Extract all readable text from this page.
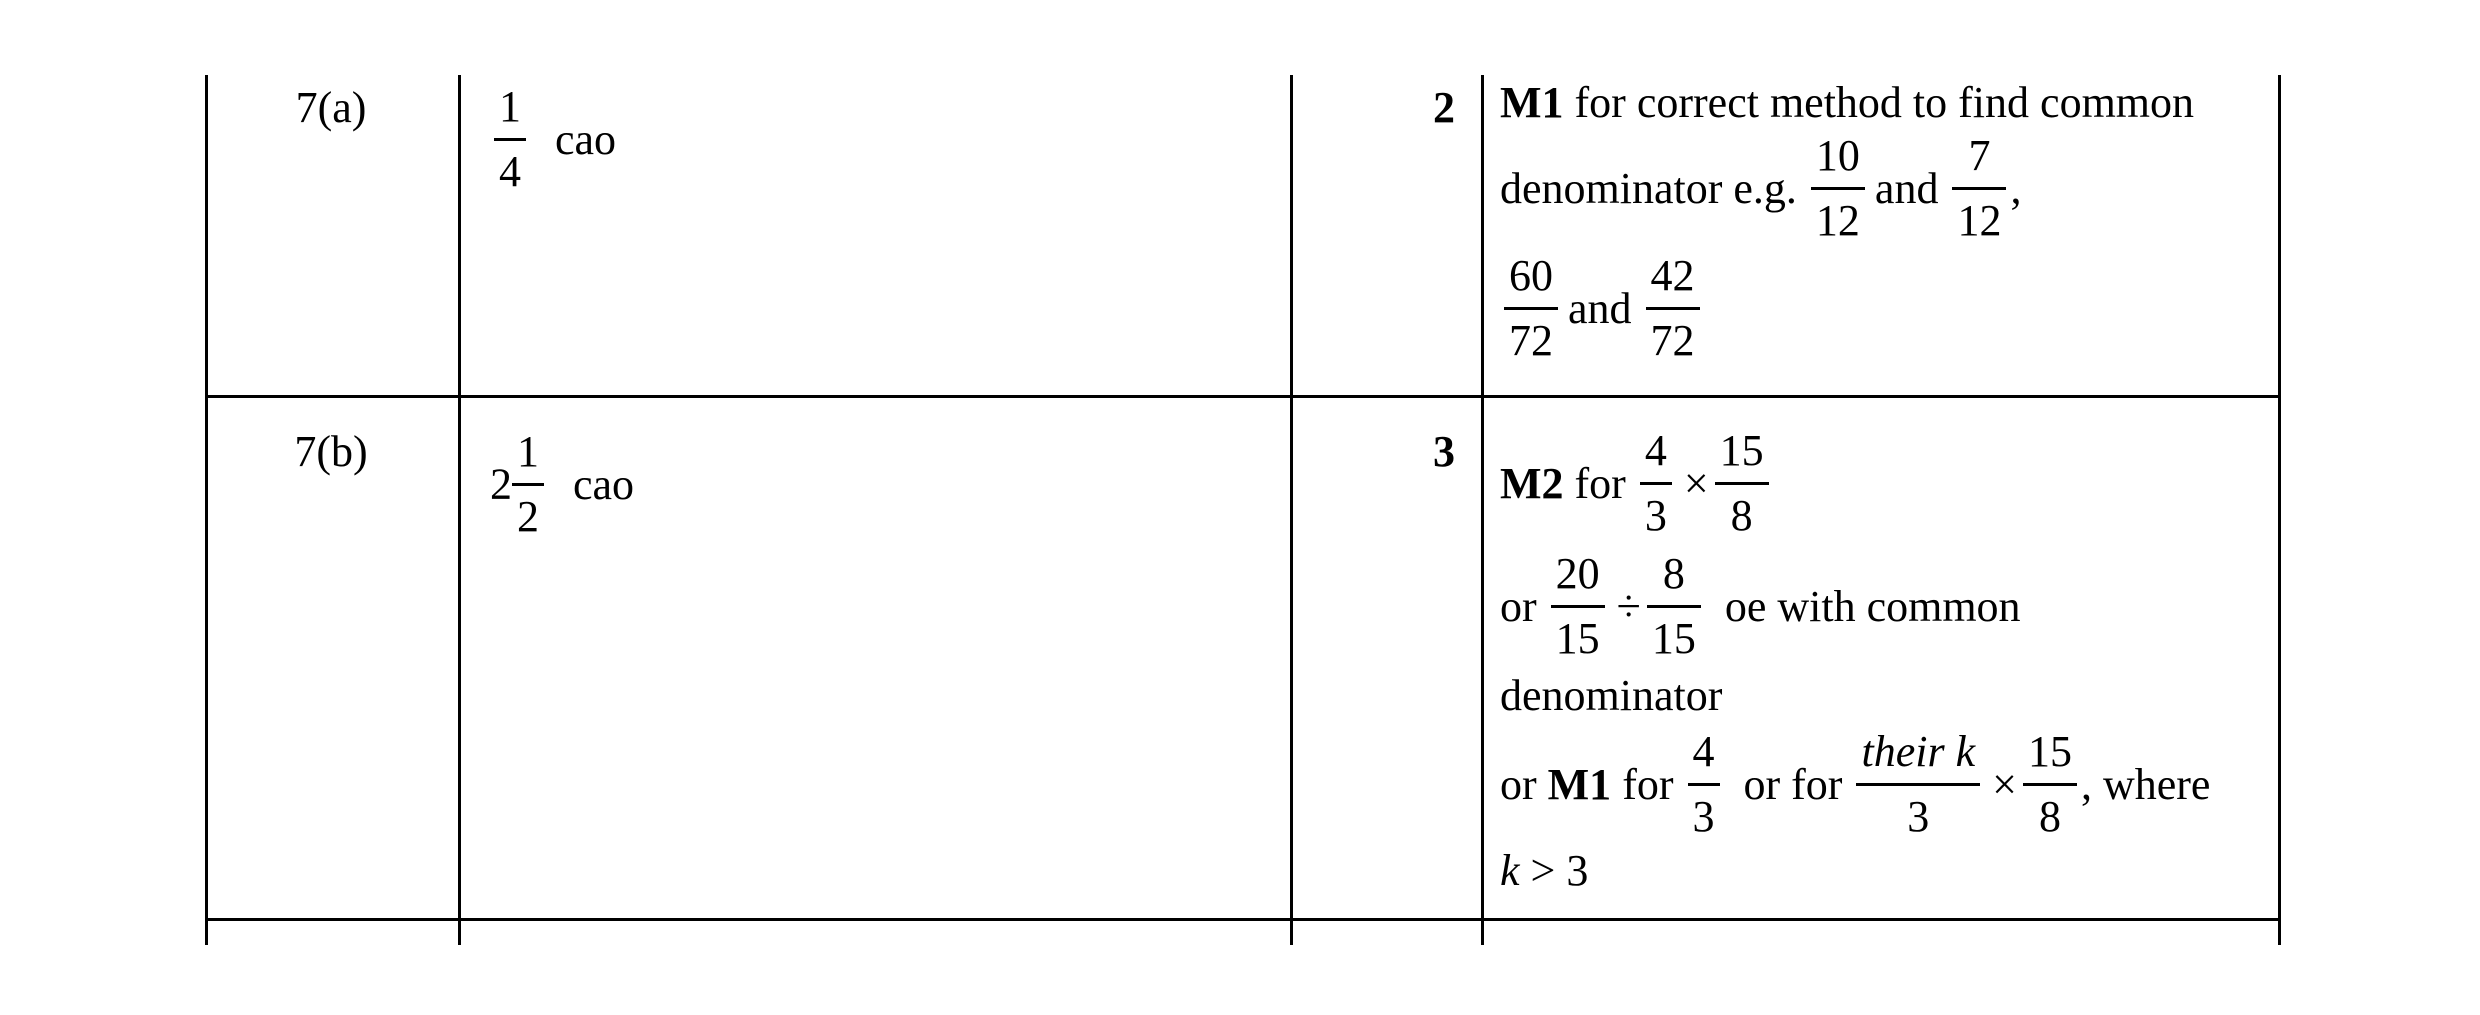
7(a)	$\frac{1}{4}$ cao
2 M1 for correct method to find common
denominator e.g. $\frac{10}{12}$ and $\frac{7}{12}$ ,
$\frac{60}{72}$ and $\frac{42}{72}$
7(b)
$2 \frac{1}{2}$ cao
3
M2 for $\frac{4}{3} \times \frac{15}{8}$
or $\frac{20}{15} \div \frac{8}{15}$ oe with common
denominator
or M1 for $\frac{4}{3}$ or for $\frac{\text{their k}}{3} \times \frac{15}{8}$ , where
k > 3
